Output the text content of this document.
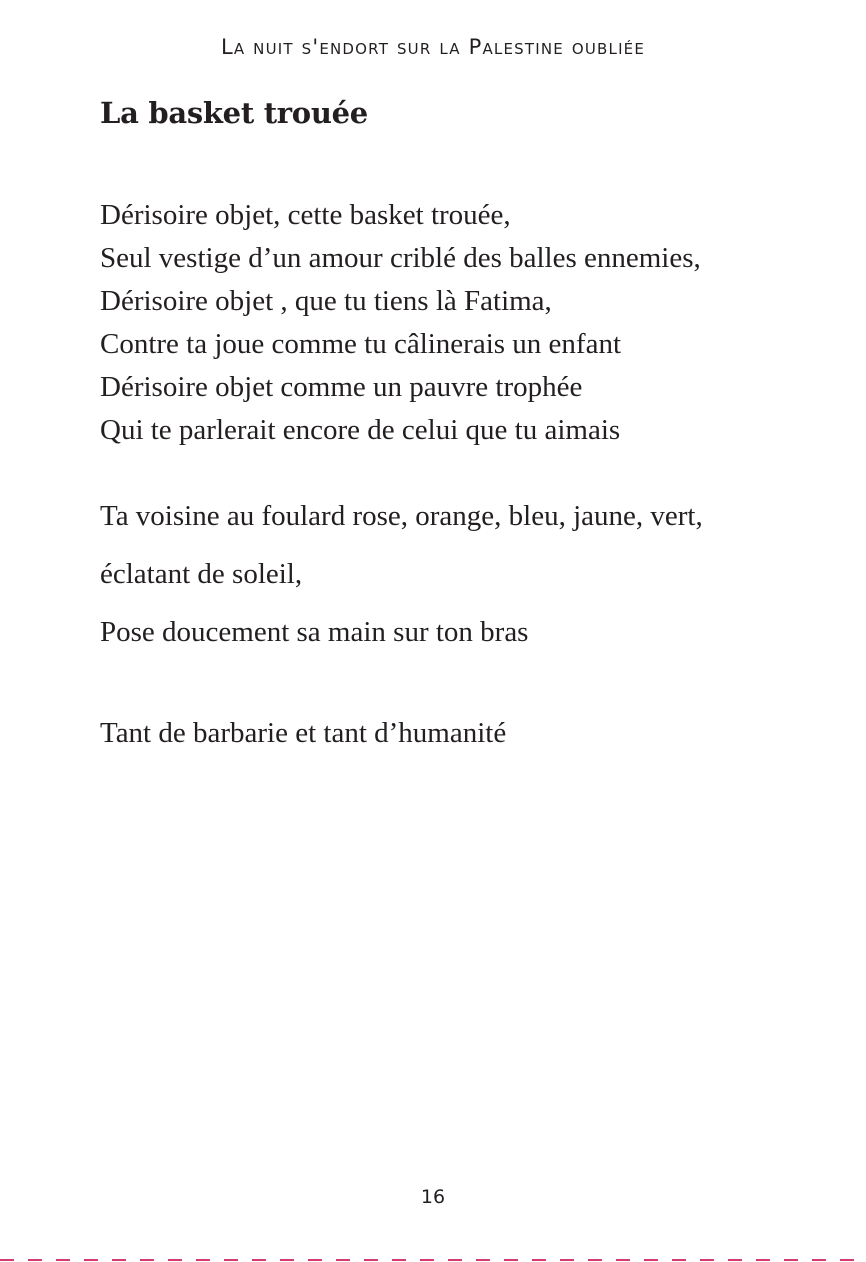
La nuit s'endort sur la Palestine oubliée
La basket trouée
Dérisoire objet, cette basket trouée,
Seul vestige d’un amour criblé des balles ennemies,
Dérisoire objet , que tu tiens là Fatima,
Contre ta joue comme tu câlinerais un enfant
Dérisoire objet comme un pauvre trophée
Qui te parlerait encore de celui que tu aimais
Ta voisine au foulard rose, orange, bleu, jaune, vert,
éclatant de soleil,
Pose doucement sa main sur ton bras
Tant de barbarie et tant d’humanité
16
